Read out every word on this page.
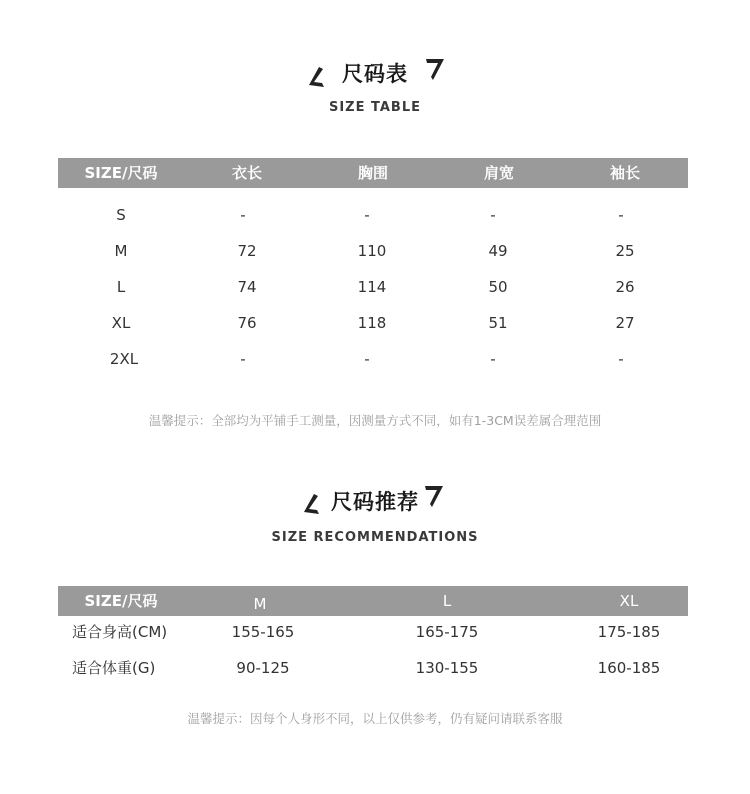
尺码表
SIZE TABLE
SIZE/尺码	衣长	胸围	肩宽	袖长
S	-	-	-	-
M	72	110	49	25
L	74	114	50	26
XL	76	118	51	27
2XL	-	-	-	-
温馨提示：全部均为平铺手工测量，因测量方式不同，如有1-3CM误差属合理范围
尺码推荐
SIZE RECOMMENDATIONS
SIZE/尺码	M	L	XL
适合身高(CM)	155-165	165-175	175-185
适合体重(G)	90-125	130-155	160-185
温馨提示：因每个人身形不同，以上仅供参考，仍有疑问请联系客服
